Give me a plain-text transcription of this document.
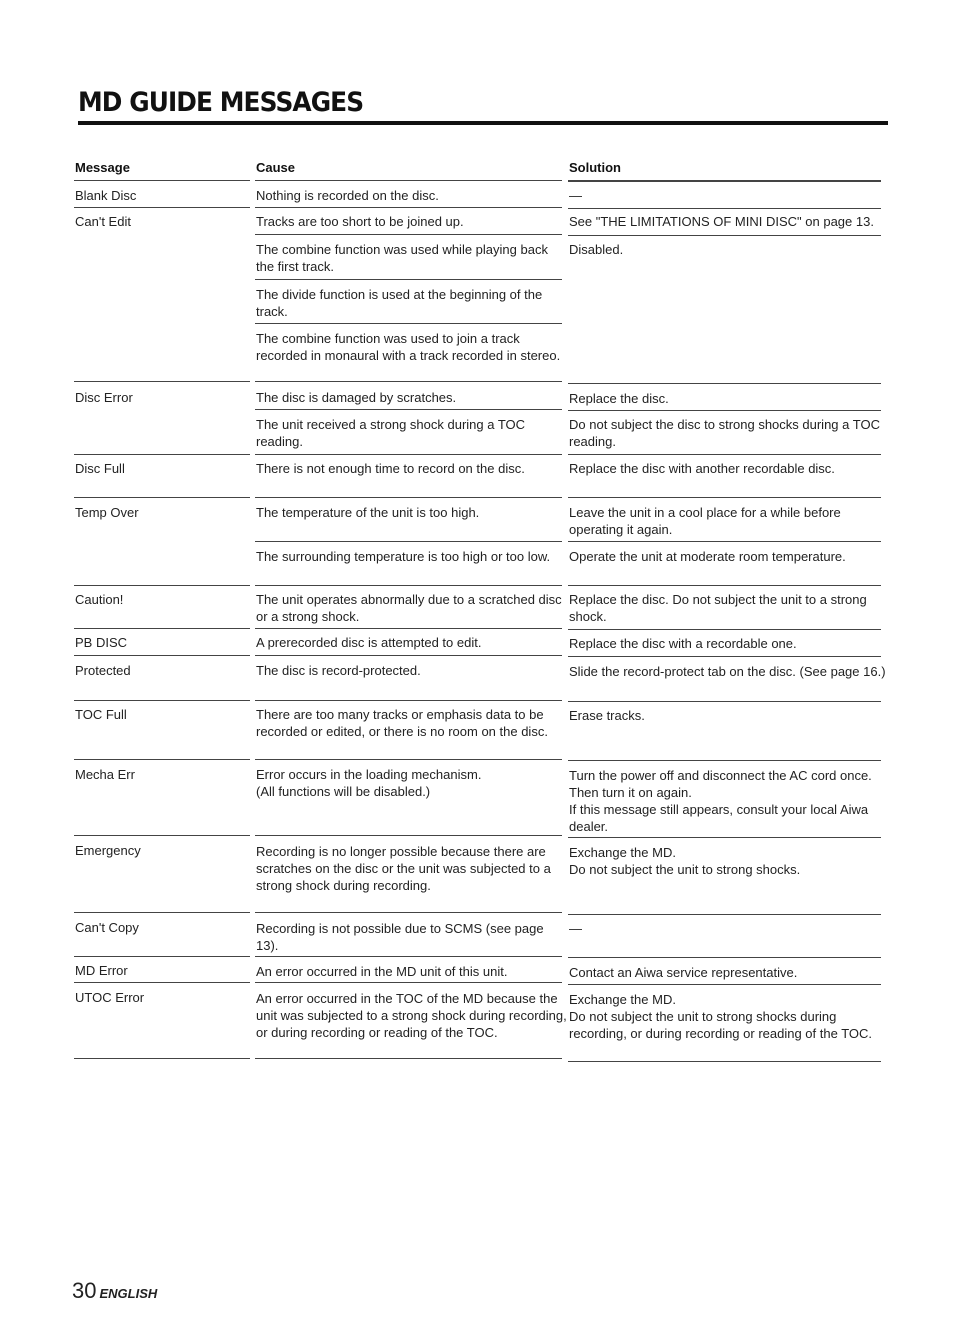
MD GUIDE MESSAGES
Message	Cause	Solution
Blank Disc
Can't Edit
Disc Error
Disc Full
Temp Over
Caution!
PB DISC
Protected
TOC Full
Mecha Err
Emergency
Can't Copy
MD Error
UTOC Error
Nothing is recorded on the disc.
Tracks are too short to be joined up.
The combine function was used while playing back the first track.
The divide function is used at the beginning of the track.
The combine function was used to join a track recorded in monaural with a track recorded in stereo.
The disc is damaged by scratches.
The unit received a strong shock during a TOC reading.
There is not enough time to record on the disc.
The temperature of the unit is too high.
The surrounding temperature is too high or too low.
The unit operates abnormally due to a scratched disc or a strong shock.
A prerecorded disc is attempted to edit.
The disc is record-protected.
There are too many tracks or emphasis data to be recorded or edited, or there is no room on the disc.
Error occurs in the loading mechanism.
(All functions will be disabled.)
Recording is no longer possible because there are scratches on the disc or the unit was subjected to a strong shock during recording.
Recording is not possible due to SCMS (see page 13).
An error occurred in the MD unit of this unit.
An error occurred in the TOC of the MD because the unit was subjected to a strong shock during recording, or during recording or reading of the TOC.
—
See "THE LIMITATIONS OF MINI DISC" on page 13.
Disabled.
Replace the disc.
Do not subject the disc to strong shocks during a TOC reading.
Replace the disc with another recordable disc.
Leave the unit in a cool place for a while before operating it again.
Operate the unit at moderate room temperature.
Replace the disc. Do not subject the unit to a strong shock.
Replace the disc with a recordable one.
Slide the record-protect tab on the disc. (See page 16.)
Erase tracks.
Turn the power off and disconnect the AC cord once. Then turn it on again.
If this message still appears, consult your local Aiwa dealer.
Exchange the MD.
Do not subject the unit to strong shocks.
—
Contact an Aiwa service representative.
Exchange the MD.
Do not subject the unit to strong shocks during recording, or during recording or reading of the TOC.
30 ENGLISH
